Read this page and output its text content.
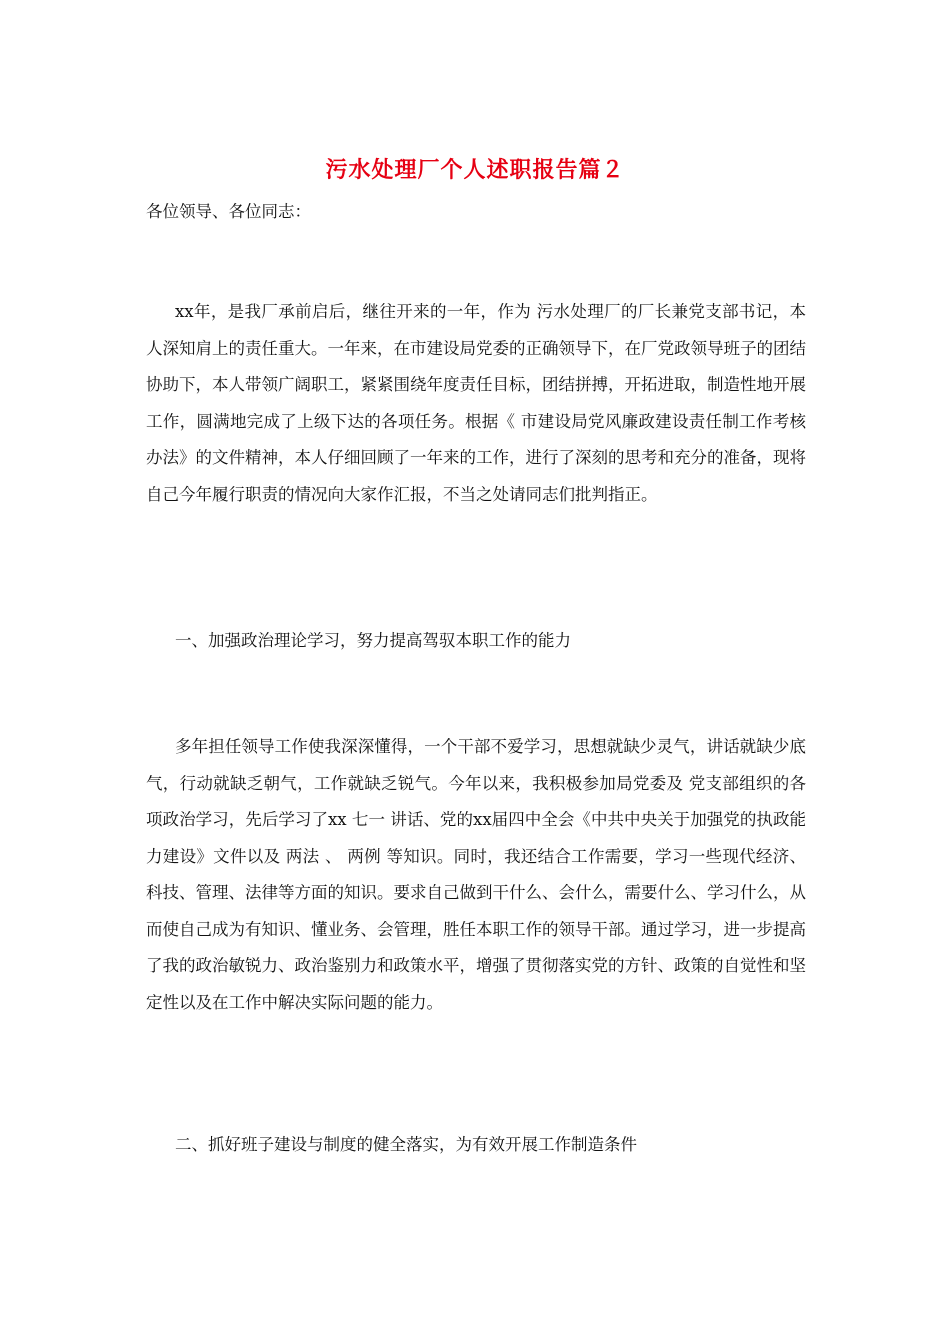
污水处理厂个人述职报告篇２
各位领导、各位同志：
xx年，是我厂承前启后，继往开来的一年，作为 污水处理厂的厂长兼党支部书记，本人深知肩上的责任重大。一年来，在市建设局党委的正确领导下，在厂党政领导班子的团结协助下，本人带领广阔职工，紧紧围绕年度责任目标，团结拼搏，开拓进取，制造性地开展工作，圆满地完成了上级下达的各项任务。根据《 市建设局党风廉政建设责任制工作考核办法》的文件精神，本人仔细回顾了一年来的工作，进行了深刻的思考和充分的准备，现将自己今年履行职责的情况向大家作汇报，不当之处请同志们批判指正。
一、加强政治理论学习，努力提高驾驭本职工作的能力
多年担任领导工作使我深深懂得，一个干部不爱学习，思想就缺少灵气，讲话就缺少底气，行动就缺乏朝气，工作就缺乏锐气。今年以来，我积极参加局党委及 党支部组织的各项政治学习，先后学习了xx 七一 讲话、党的xx届四中全会《中共中央关于加强党的执政能力建设》文件以及 两法 、 两例 等知识。同时，我还结合工作需要，学习一些现代经济、科技、管理、法律等方面的知识。要求自己做到干什么、会什么，需要什么、学习什么，从而使自己成为有知识、懂业务、会管理，胜任本职工作的领导干部。通过学习，进一步提高了我的政治敏锐力、政治鉴别力和政策水平，增强了贯彻落实党的方针、政策的自觉性和坚定性以及在工作中解决实际问题的能力。
二、抓好班子建设与制度的健全落实，为有效开展工作制造条件
